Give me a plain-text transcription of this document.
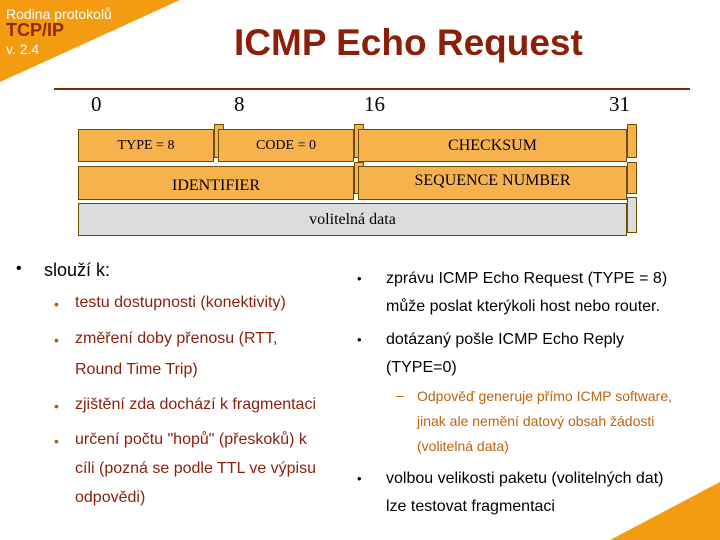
Rodina protokolů
TCP/IP
v. 2.4	ICMP Echo Request
0	8	16	31
TYPE = 8	CODE = 0	CHECKSUM
IDENTIFIER	SEQUENCE NUMBER
volitelná data
• slouží k:
• testu dostupnosti (konektivity)
• změření doby přenosu (RTT,
Round Time Trip)
• zjištění zda dochází k fragmentaci
• určení počtu "hopů" (přeskoků) k
cíli (pozná se podle TTL ve výpisu
odpovědi)
• zprávu ICMP Echo Request (TYPE = 8)
může poslat kterýkoli host nebo router.
• dotázaný pošle ICMP Echo Reply
(TYPE=0)
– Odpověď generuje přímo ICMP software,
jinak ale nemění datový obsah žádosti
(volitelná data)
• volbou velikosti paketu (volitelných dat)
lze testovat fragmentaci
